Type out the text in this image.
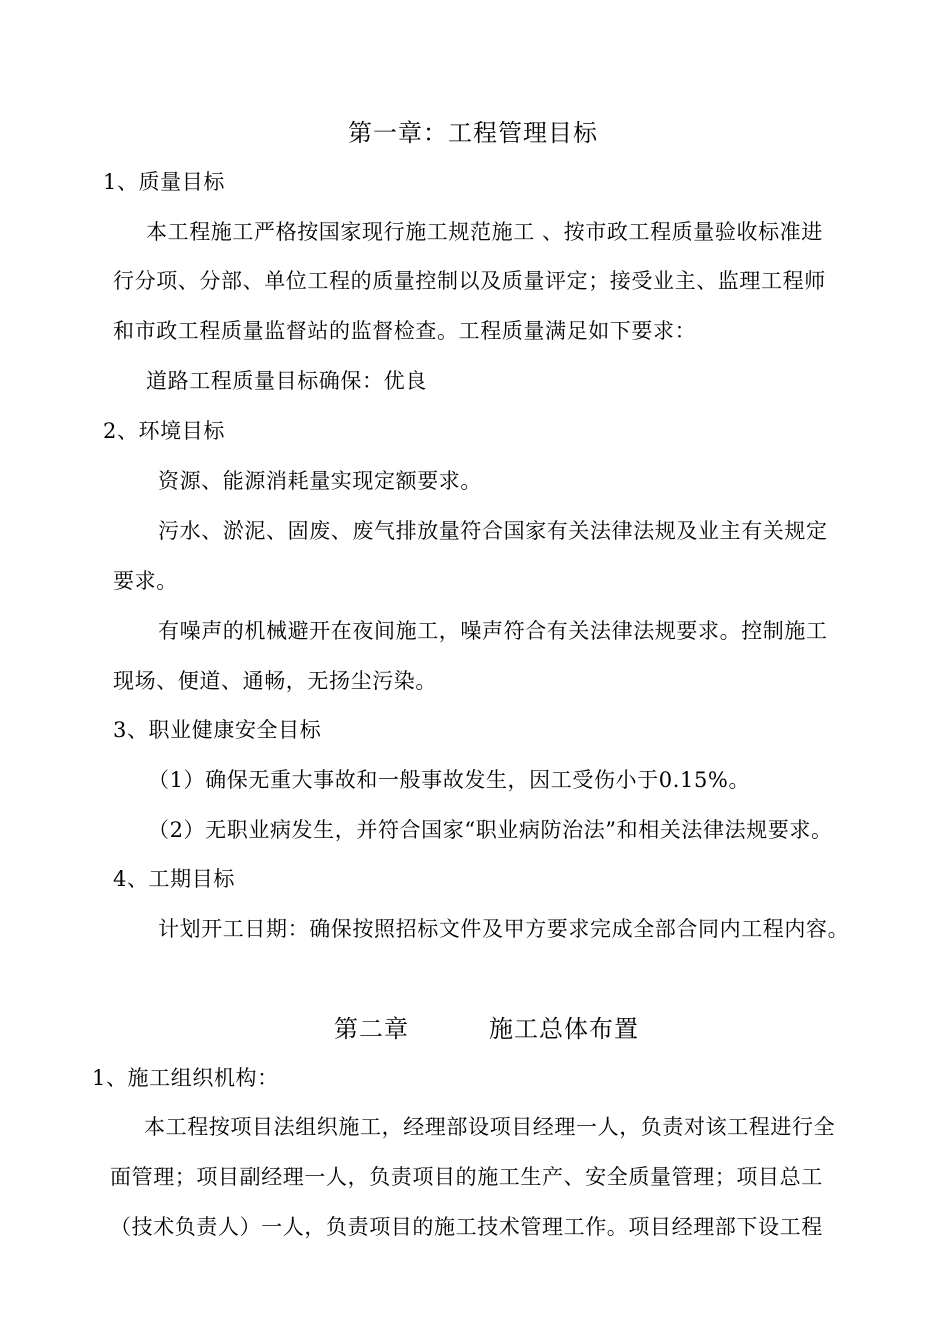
第一章：工程管理目标
1、质量目标
本工程施工严格按国家现行施工规范施工 、按市政工程质量验收标准进
行分项、分部、单位工程的质量控制以及质量评定；接受业主、监理工程师
和市政工程质量监督站的监督检查。工程质量满足如下要求：
道路工程质量目标确保：优良
2、环境目标
资源、能源消耗量实现定额要求。
污水、淤泥、固废、废气排放量符合国家有关法律法规及业主有关规定
要求。
有噪声的机械避开在夜间施工，噪声符合有关法律法规要求。控制施工
现场、便道、通畅，无扬尘污染。
3、职业健康安全目标
（1）确保无重大事故和一般事故发生，因工受伤小于0.15%。
（2）无职业病发生，并符合国家“职业病防治法”和相关法律法规要求。
4、工期目标
计划开工日期：确保按照招标文件及甲方要求完成全部合同内工程内容。
第二章	施工总体布置
1、施工组织机构：
本工程按项目法组织施工，经理部设项目经理一人，负责对该工程进行全
面管理；项目副经理一人，负责项目的施工生产、安全质量管理；项目总工
（技术负责人）一人，负责项目的施工技术管理工作。项目经理部下设工程
